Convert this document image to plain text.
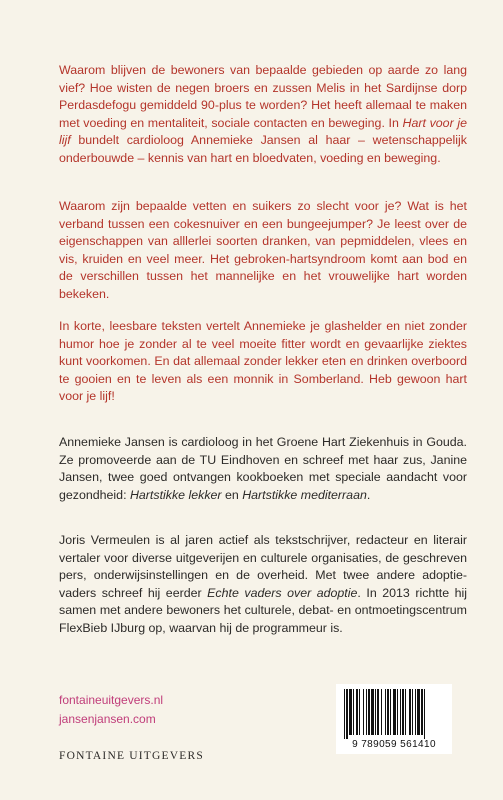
Waarom blijven de bewoners van bepaalde gebieden op aarde zo lang vief? Hoe wisten de negen broers en zussen Melis in het Sardijnse dorp Perdasdefogu gemiddeld 90-plus te worden? Het heeft allemaal te maken met voeding en mentaliteit, sociale contacten en beweging. In Hart voor je lijf bundelt cardioloog Annemieke Jansen al haar – wetenschappelijk onderbouwde – kennis van hart en bloedvaten, voeding en beweging.

Waarom zijn bepaalde vetten en suikers zo slecht voor je? Wat is het verband tussen een cokesnuiver en een bungeejumper? Je leest over de eigenschappen van alllerlei soorten dranken, van pepmiddelen, vlees en vis, kruiden en veel meer. Het gebroken-hartsyndroom komt aan bod en de verschillen tussen het mannelijke en het vrouwelijke hart worden bekeken.

In korte, leesbare teksten vertelt Annemieke je glashelder en niet zonder humor hoe je zonder al te veel moeite fitter wordt en gevaarlijke ziektes kunt voorkomen. En dat allemaal zonder lekker eten en drinken overboord te gooien en te leven als een monnik in Somberland. Heb gewoon hart voor je lijf!

Annemieke Jansen is cardioloog in het Groene Hart Ziekenhuis in Gouda. Ze promoveerde aan de TU Eindhoven en schreef met haar zus, Janine Jansen, twee goed ontvangen kookboeken met speciale aandacht voor gezondheid: Hartstikke lekker en Hartstikke mediterraan.

Joris Vermeulen is al jaren actief als tekstschrijver, redacteur en literair vertaler voor diverse uitgeverijen en culturele organisaties, de geschreven pers, onderwijsinstellingen en de overheid. Met twee andere adoptie-vaders schreef hij eerder Echte vaders over adoptie. In 2013 richtte hij samen met andere bewoners het culturele, debat- en ontmoetingscentrum FlexBieb IJburg op, waarvan hij de programmeur is.

fontaineuitgevers.nl
jansenjansen.com
FONTAINE UITGEVERS
9 789059 561410
